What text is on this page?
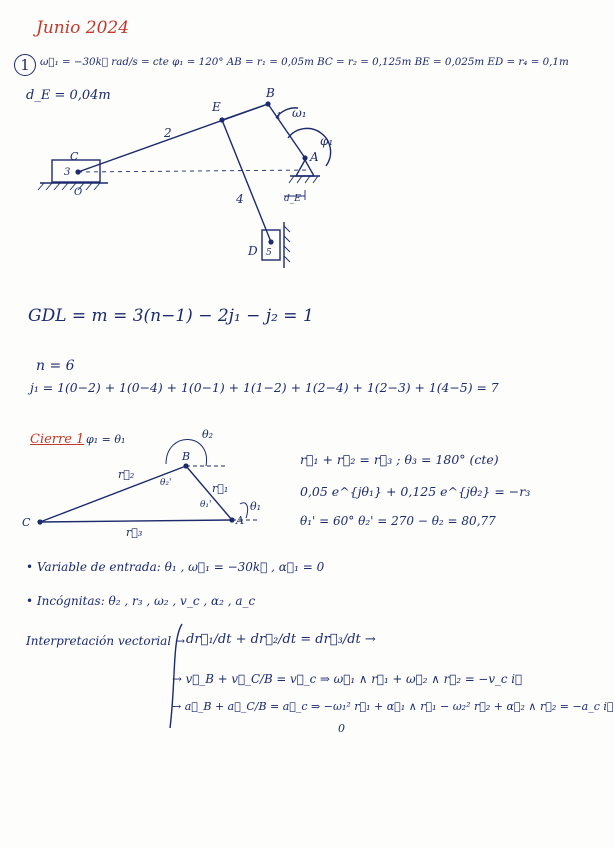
Junio 2024
1 ω⃗₁ = −30k⃗ rad/s = cte φ₁ = 120° AB = r₁ = 0,05m BC = r₂ = 0,125m BE = 0,025m ED = r₄ = 0,1m
d_E = 0,04m
C
3
O
2
E
B
ω₁
1
φ₁
A
4	d_E
D 5
GDL = m = 3(n−1) − 2j₁ − j₂ = 1
n = 6
j₁ = 1(0−2) + 1(0−4) + 1(0−1) + 1(1−2) + 1(2−4) + 1(2−3) + 1(4−5) = 7
Cierre 1 φ₁ = θ₁	θ₂
B
r⃗₂
θ₂'	r⃗₁
θ₁'	θ₁
A
C
r⃗₃
r⃗₁ + r⃗₂ = r⃗₃ ; θ₃ = 180° (cte)
0,05 e^{jθ₁} + 0,125 e^{jθ₂} = −r₃
θ₁' = 60° θ₂' = 270 − θ₂ = 80,77
• Variable de entrada: θ₁ , ω⃗₁ = −30k⃗ , α⃗₁ = 0
• Incógnitas: θ₂ , r₃ , ω₂ , v_c , α₂ , a_c
Interpretación vectorial → dr⃗₁/dt + dr⃗₂/dt = dr⃗₃/dt →
→ v⃗_B + v⃗_C/B = v⃗_c ⇒ ω⃗₁ ∧ r⃗₁ + ω⃗₂ ∧ r⃗₂ = −v_c i⃗
→ a⃗_B + a⃗_C/B = a⃗_c ⇒ −ω₁² r⃗₁ + α⃗₁ ∧ r⃗₁ − ω₂² r⃗₂ + α⃗₂ ∧ r⃗₂ = −a_c i⃗
0
